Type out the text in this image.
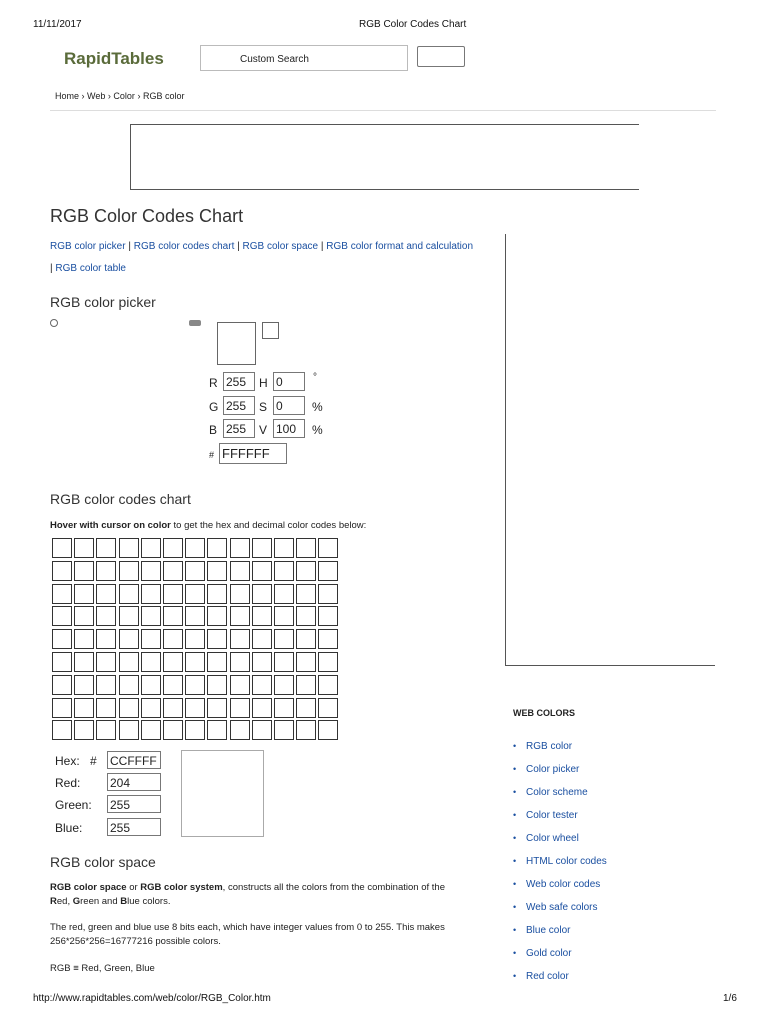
11/11/2017	RGB Color Codes Chart
RapidTables	Custom Search
Home › Web › Color › RGB color
RGB Color Codes Chart
RGB color picker | RGB color codes chart | RGB color space | RGB color format and calculation
| RGB color table
RGB color picker
R 255	H 0	°
G 255	S 0	%
B 255	V 100	%
# FFFFFF
RGB color codes chart
Hover with cursor on color to get the hex and decimal color codes below:
Hex: # CCFFFF
Red: 204
Green: 255
Blue: 255
RGB color space
RGB color space or RGB color system, constructs all the colors from the combination of the
Red, Green and Blue colors.
The red, green and blue use 8 bits each, which have integer values from 0 to 255. This makes
256*256*256=16777216 possible colors.
RGB ≡ Red, Green, Blue
WEB COLORS
• RGB color
• Color picker
• Color scheme
• Color tester
• Color wheel
• HTML color codes
• Web color codes
• Web safe colors
• Blue color
• Gold color
• Red color
http://www.rapidtables.com/web/color/RGB_Color.htm	1/6
